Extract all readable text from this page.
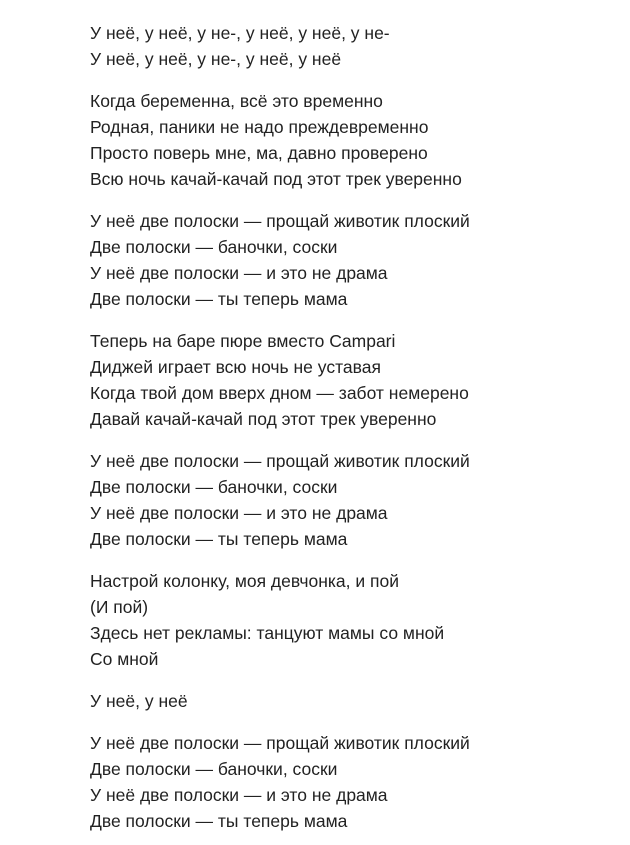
У неё, у неё, у не-, у неё, у неё, у не-
У неё, у неё, у не-, у неё, у неё
Когда беременна, всё это временно
Родная, паники не надо преждевременно
Просто поверь мне, ма, давно проверено
Всю ночь качай-качай под этот трек уверенно
У неё две полоски — прощай животик плоский
Две полоски — баночки, соски
У неё две полоски — и это не драма
Две полоски — ты теперь мама
Теперь на баре пюре вместо Campari
Диджей играет всю ночь не уставая
Когда твой дом вверх дном — забот немерено
Давай качай-качай под этот трек уверенно
У неё две полоски — прощай животик плоский
Две полоски — баночки, соски
У неё две полоски — и это не драма
Две полоски — ты теперь мама
Настрой колонку, моя девчонка, и пой
(И пой)
Здесь нет рекламы: танцуют мамы со мной
Со мной
У неё, у неё
У неё две полоски — прощай животик плоский
Две полоски — баночки, соски
У неё две полоски — и это не драма
Две полоски — ты теперь мама
